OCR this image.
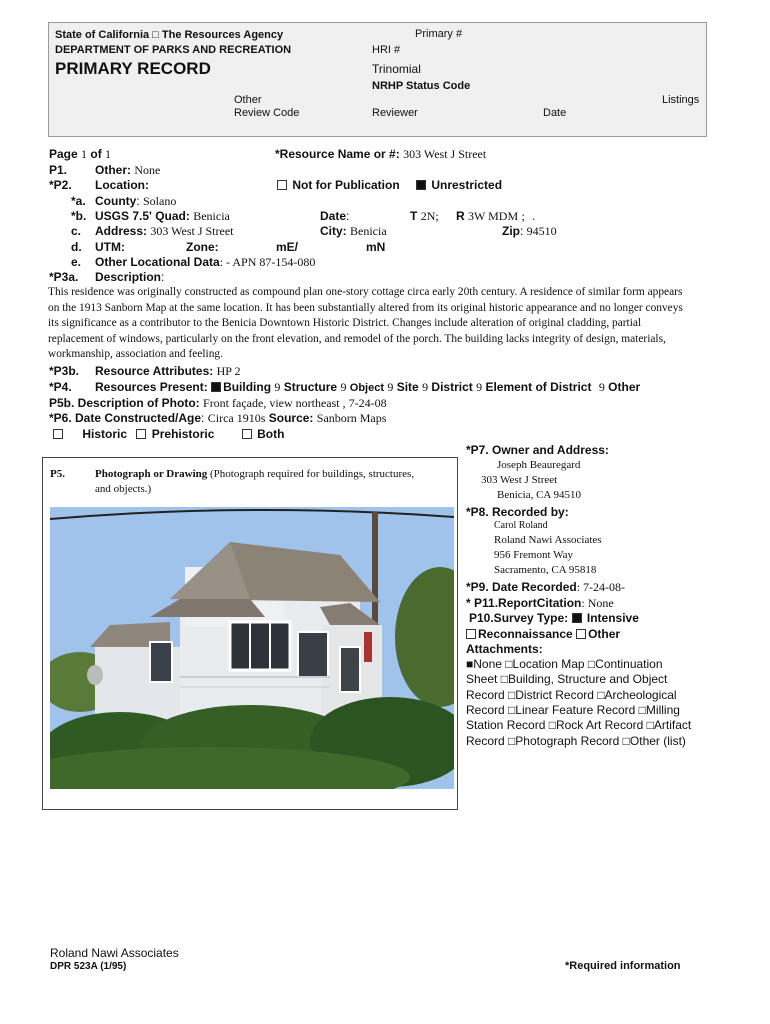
State of California □ The Resources Agency
DEPARTMENT OF PARKS AND RECREATION
PRIMARY RECORD
Primary #
HRI #
Trinomial
NRHP Status Code
Other
Review Code	Reviewer	Date
Listings
Page 1 of 1	*Resource Name or #: 303 West J Street
P1. Other: None
*P2. Location:	Not for Publication	Unrestricted
*a. County: Solano
*b. USGS 7.5' Quad: Benicia	Date:	T 2N; R 3W MDM ; .
c. Address: 303 West J Street	City: Benicia	Zip: 94510
d. UTM:	Zone:	mE/	mN
e. Other Locational Data: - APN 87-154-080
*P3a. Description:
This residence was originally constructed as compound plan one-story cottage circa early 20th century. A residence of similar form appears on the 1913 Sanborn Map at the same location. It has been substantially altered from its original historic appearance and no longer conveys its significance as a contributor to the Benicia Downtown Historic District. Changes include alteration of original cladding, partial replacement of windows, particularly on the front elevation, and remodel of the porch. The building lacks integrity of design, materials, workmanship, association and feeling.
*P3b. Resource Attributes: HP 2
*P4. Resources Present: Building 9 Structure 9 Object 9 Site 9 District 9 Element of District 9 Other
P5b. Description of Photo: Front façade, view northeast , 7-24-08
*P6. Date Constructed/Age: Circa 1910s Source: Sanborn Maps
Historic Prehistoric	Both
P5.	Photograph or Drawing (Photograph required for buildings, structures,
and objects.)
*P7. Owner and Address:
Joseph Beauregard
303 West J Street
Benicia, CA 94510
*P8. Recorded by:
Carol Roland
Roland Nawi Associates
956 Fremont Way
Sacramento, CA 95818
*P9. Date Recorded: 7-24-08-
* P11.ReportCitation: None
P10.Survey Type: Intensive
Reconnaissance Other
Attachments:
■None □Location Map □Continuation
Sheet □Building, Structure and Object
Record □District Record □Archeological
Record □Linear Feature Record □Milling
Station Record □Rock Art Record □Artifact
Record □Photograph Record □Other (list)
Roland Nawi Associates
DPR 523A (1/95)	*Required information
